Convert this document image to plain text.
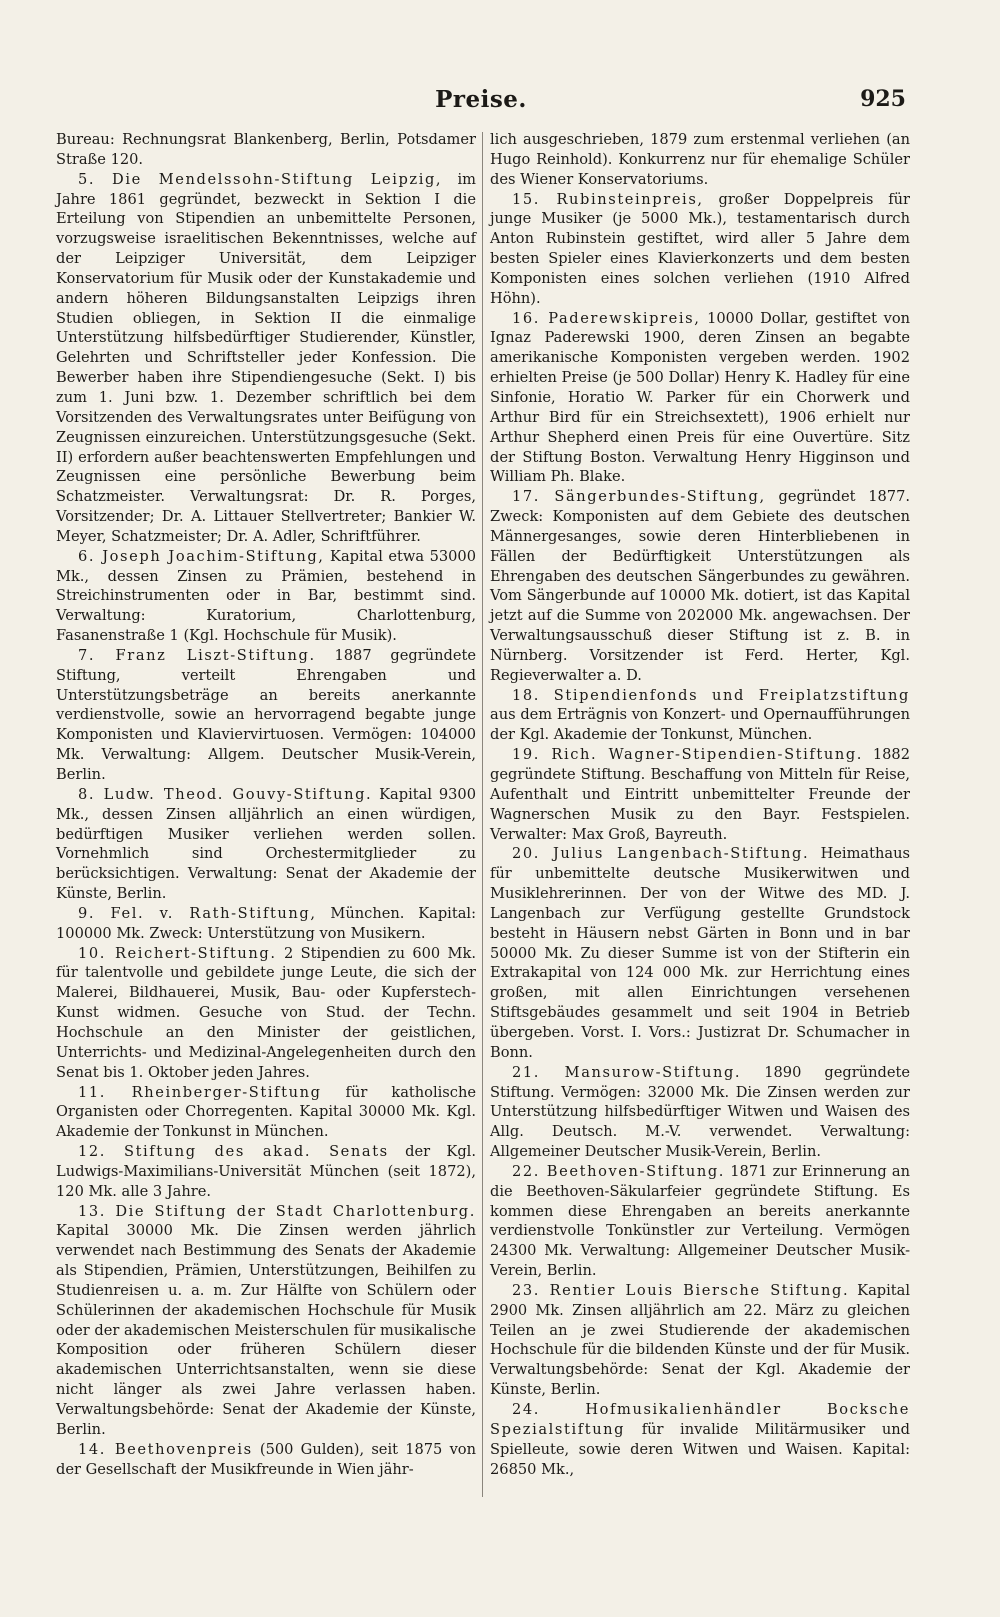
Preise.	925

Bureau: Rechnungsrat Blankenberg, Berlin, Potsdamer Straße 120.

5. Die Mendelssohn-Stiftung Leipzig, im Jahre 1861 gegründet, bezweckt in Sektion I die Erteilung von Stipendien an unbemittelte Personen, vorzugsweise israelitischen Bekenntnisses, welche auf der Leipziger Universität, dem Leipziger Konservatorium für Musik oder der Kunstakademie und andern höheren Bildungsanstalten Leipzigs ihren Studien obliegen, in Sektion II die einmalige Unterstützung hilfsbedürftiger Studierender, Künstler, Gelehrten und Schriftsteller jeder Konfession. Die Bewerber haben ihre Stipendiengesuche (Sekt. I) bis zum 1. Juni bzw. 1. Dezember schriftlich bei dem Vorsitzenden des Verwaltungsrates unter Beifügung von Zeugnissen einzureichen. Unterstützungsgesuche (Sekt. II) erfordern außer beachtenswerten Empfehlungen und Zeugnissen eine persönliche Bewerbung beim Schatzmeister. Verwaltungsrat: Dr. R. Porges, Vorsitzender; Dr. A. Littauer Stellvertreter; Bankier W. Meyer, Schatzmeister; Dr. A. Adler, Schriftführer.

6. Joseph Joachim-Stiftung, Kapital etwa 53000 Mk., dessen Zinsen zu Prämien, bestehend in Streichinstrumenten oder in Bar, bestimmt sind. Verwaltung: Kuratorium, Charlottenburg, Fasanenstraße 1 (Kgl. Hochschule für Musik).

7. Franz Liszt-Stiftung. 1887 gegründete Stiftung, verteilt Ehrengaben und Unterstützungsbeträge an bereits anerkannte verdienstvolle, sowie an hervorragend begabte junge Komponisten und Klaviervirtuosen. Vermögen: 104000 Mk. Verwaltung: Allgem. Deutscher Musik-Verein, Berlin.

8. Ludw. Theod. Gouvy-Stiftung. Kapital 9300 Mk., dessen Zinsen alljährlich an einen würdigen, bedürftigen Musiker verliehen werden sollen. Vornehmlich sind Orchestermitglieder zu berücksichtigen. Verwaltung: Senat der Akademie der Künste, Berlin.

9. Fel. v. Rath-Stiftung, München. Kapital: 100000 Mk. Zweck: Unterstützung von Musikern.

10. Reichert-Stiftung. 2 Stipendien zu 600 Mk. für talentvolle und gebildete junge Leute, die sich der Malerei, Bildhauerei, Musik, Bau- oder Kupferstech-Kunst widmen. Gesuche von Stud. der Techn. Hochschule an den Minister der geistlichen, Unterrichts- und Medizinal-Angelegenheiten durch den Senat bis 1. Oktober jeden Jahres.

11. Rheinberger-Stiftung für katholische Organisten oder Chorregenten. Kapital 30000 Mk. Kgl. Akademie der Tonkunst in München.

12. Stiftung des akad. Senats der Kgl. Ludwigs-Maximilians-Universität München (seit 1872), 120 Mk. alle 3 Jahre.

13. Die Stiftung der Stadt Charlottenburg. Kapital 30000 Mk. Die Zinsen werden jährlich verwendet nach Bestimmung des Senats der Akademie als Stipendien, Prämien, Unterstützungen, Beihilfen zu Studienreisen u. a. m. Zur Hälfte von Schülern oder Schülerinnen der akademischen Hochschule für Musik oder der akademischen Meisterschulen für musikalische Komposition oder früheren Schülern dieser akademischen Unterrichtsanstalten, wenn sie diese nicht länger als zwei Jahre verlassen haben. Verwaltungsbehörde: Senat der Akademie der Künste, Berlin.

14. Beethovenpreis (500 Gulden), seit 1875 von der Gesellschaft der Musikfreunde in Wien jähr-

lich ausgeschrieben, 1879 zum erstenmal verliehen (an Hugo Reinhold). Konkurrenz nur für ehemalige Schüler des Wiener Konservatoriums.

15. Rubinsteinpreis, großer Doppelpreis für junge Musiker (je 5000 Mk.), testamentarisch durch Anton Rubinstein gestiftet, wird aller 5 Jahre dem besten Spieler eines Klavierkonzerts und dem besten Komponisten eines solchen verliehen (1910 Alfred Höhn).

16. Paderewskipreis, 10000 Dollar, gestiftet von Ignaz Paderewski 1900, deren Zinsen an begabte amerikanische Komponisten vergeben werden. 1902 erhielten Preise (je 500 Dollar) Henry K. Hadley für eine Sinfonie, Horatio W. Parker für ein Chorwerk und Arthur Bird für ein Streichsextett), 1906 erhielt nur Arthur Shepherd einen Preis für eine Ouvertüre. Sitz der Stiftung Boston. Verwaltung Henry Higginson und William Ph. Blake.

17. Sängerbundes-Stiftung, gegründet 1877. Zweck: Komponisten auf dem Gebiete des deutschen Männergesanges, sowie deren Hinterbliebenen in Fällen der Bedürftigkeit Unterstützungen als Ehrengaben des deutschen Sängerbundes zu gewähren. Vom Sängerbunde auf 10000 Mk. dotiert, ist das Kapital jetzt auf die Summe von 202000 Mk. angewachsen. Der Verwaltungsausschuß dieser Stiftung ist z. B. in Nürnberg. Vorsitzender ist Ferd. Herter, Kgl. Regieverwalter a. D.

18. Stipendienfonds und Freiplatzstiftung aus dem Erträgnis von Konzert- und Opernaufführungen der Kgl. Akademie der Tonkunst, München.

19. Rich. Wagner-Stipendien-Stiftung. 1882 gegründete Stiftung. Beschaffung von Mitteln für Reise, Aufenthalt und Eintritt unbemittelter Freunde der Wagnerschen Musik zu den Bayr. Festspielen. Verwalter: Max Groß, Bayreuth.

20. Julius Langenbach-Stiftung. Heimathaus für unbemittelte deutsche Musikerwitwen und Musiklehrerinnen. Der von der Witwe des MD. J. Langenbach zur Verfügung gestellte Grundstock besteht in Häusern nebst Gärten in Bonn und in bar 50000 Mk. Zu dieser Summe ist von der Stifterin ein Extrakapital von 124 000 Mk. zur Herrichtung eines großen, mit allen Einrichtungen versehenen Stiftsgebäudes gesammelt und seit 1904 in Betrieb übergeben. Vorst. I. Vors.: Justizrat Dr. Schumacher in Bonn.

21. Mansurow-Stiftung. 1890 gegründete Stiftung. Vermögen: 32000 Mk. Die Zinsen werden zur Unterstützung hilfsbedürftiger Witwen und Waisen des Allg. Deutsch. M.-V. verwendet. Verwaltung: Allgemeiner Deutscher Musik-Verein, Berlin.

22. Beethoven-Stiftung. 1871 zur Erinnerung an die Beethoven-Säkularfeier gegründete Stiftung. Es kommen diese Ehrengaben an bereits anerkannte verdienstvolle Tonkünstler zur Verteilung. Vermögen 24300 Mk. Verwaltung: Allgemeiner Deutscher Musik-Verein, Berlin.

23. Rentier Louis Biersche Stiftung. Kapital 2900 Mk. Zinsen alljährlich am 22. März zu gleichen Teilen an je zwei Studierende der akademischen Hochschule für die bildenden Künste und der für Musik. Verwaltungsbehörde: Senat der Kgl. Akademie der Künste, Berlin.

24. Hofmusikalienhändler Bocksche Spezialstiftung für invalide Militärmusiker und Spielleute, sowie deren Witwen und Waisen. Kapital: 26850 Mk.,
